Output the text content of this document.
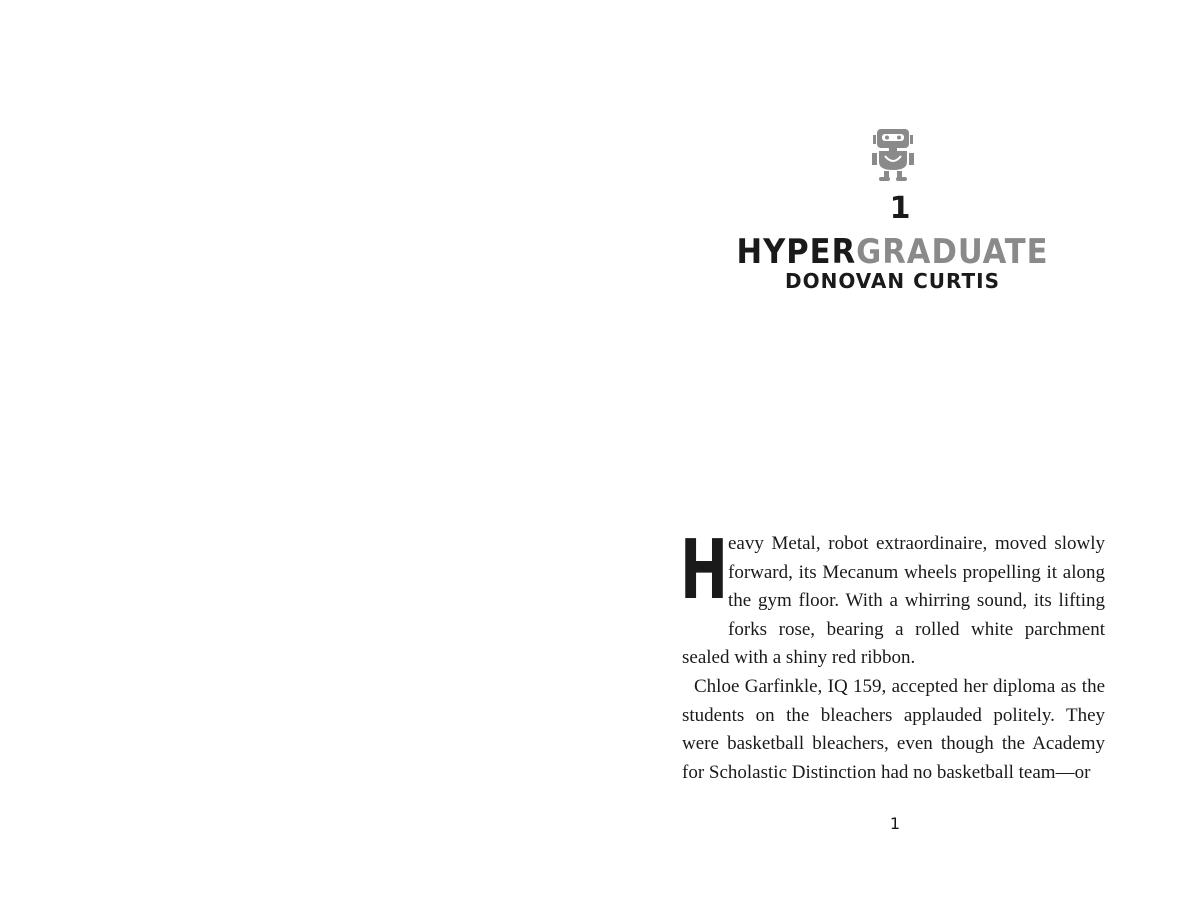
1
HYPERGRADUATE
DONOVAN CURTIS

Heavy Metal, robot extraordinaire, moved slowly forward, its Mecanum wheels propelling it along the gym floor. With a whirring sound, its lifting forks rose, bearing a rolled white parchment sealed with a shiny red ribbon.

Chloe Garfinkle, IQ 159, accepted her diploma as the students on the bleachers applauded politely. They were basketball bleachers, even though the Academy for Scholastic Distinction had no basketball team—or

1
